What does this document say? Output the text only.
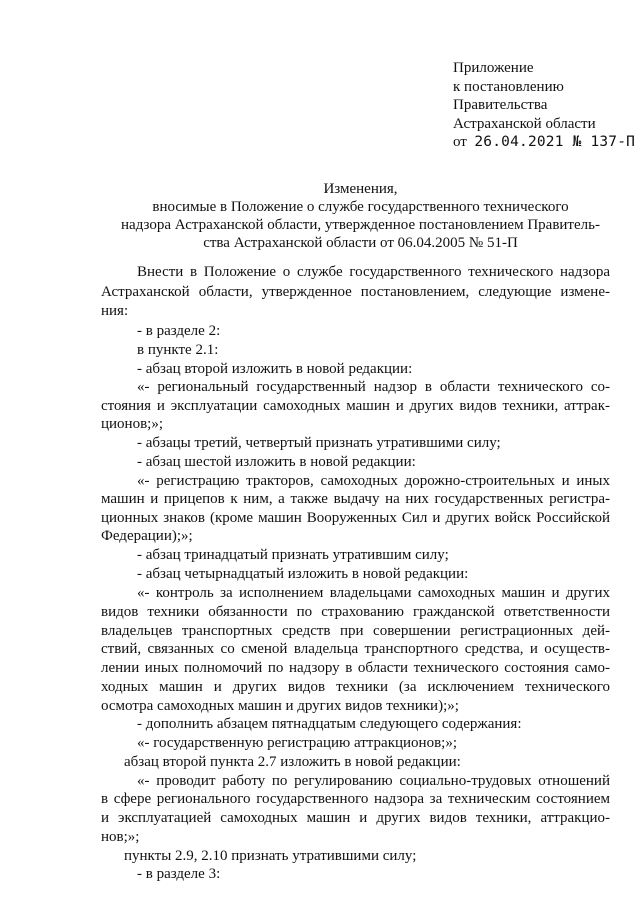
Приложение
к постановлению
Правительства
Астраханской области
от 26.04.2021 № 137-П
Изменения,
вносимые в Положение о службе государственного технического
надзора Астраханской области, утвержденное постановлением Правитель-
ства Астраханской области от 06.04.2005 № 51-П
Внести в Положение о службе государственного технического надзора
Астраханской области, утвержденное постановлением, следующие измене-
ния:
- в разделе 2:
в пункте 2.1:
- абзац второй изложить в новой редакции:
«- региональный государственный надзор в области технического со-
стояния и эксплуатации самоходных машин и других видов техники, аттрак-
ционов;»;
- абзацы третий, четвертый признать утратившими силу;
- абзац шестой изложить в новой редакции:
«- регистрацию тракторов, самоходных дорожно-строительных и иных
машин и прицепов к ним, а также выдачу на них государственных регистра-
ционных знаков (кроме машин Вооруженных Сил и других войск Российской
Федерации);»;
- абзац тринадцатый признать утратившим силу;
- абзац четырнадцатый изложить в новой редакции:
«- контроль за исполнением владельцами самоходных машин и других
видов техники обязанности по страхованию гражданской ответственности
владельцев транспортных средств при совершении регистрационных дей-
ствий, связанных со сменой владельца транспортного средства, и осуществ-
лении иных полномочий по надзору в области технического состояния само-
ходных машин и других видов техники (за исключением технического
осмотра самоходных машин и других видов техники);»;
- дополнить абзацем пятнадцатым следующего содержания:
«- государственную регистрацию аттракционов;»;
абзац второй пункта 2.7 изложить в новой редакции:
«- проводит работу по регулированию социально-трудовых отношений
в сфере регионального государственного надзора за техническим состоянием
и эксплуатацией самоходных машин и других видов техники, аттракцио-
нов;»;
пункты 2.9, 2.10 признать утратившими силу;
- в разделе 3:
